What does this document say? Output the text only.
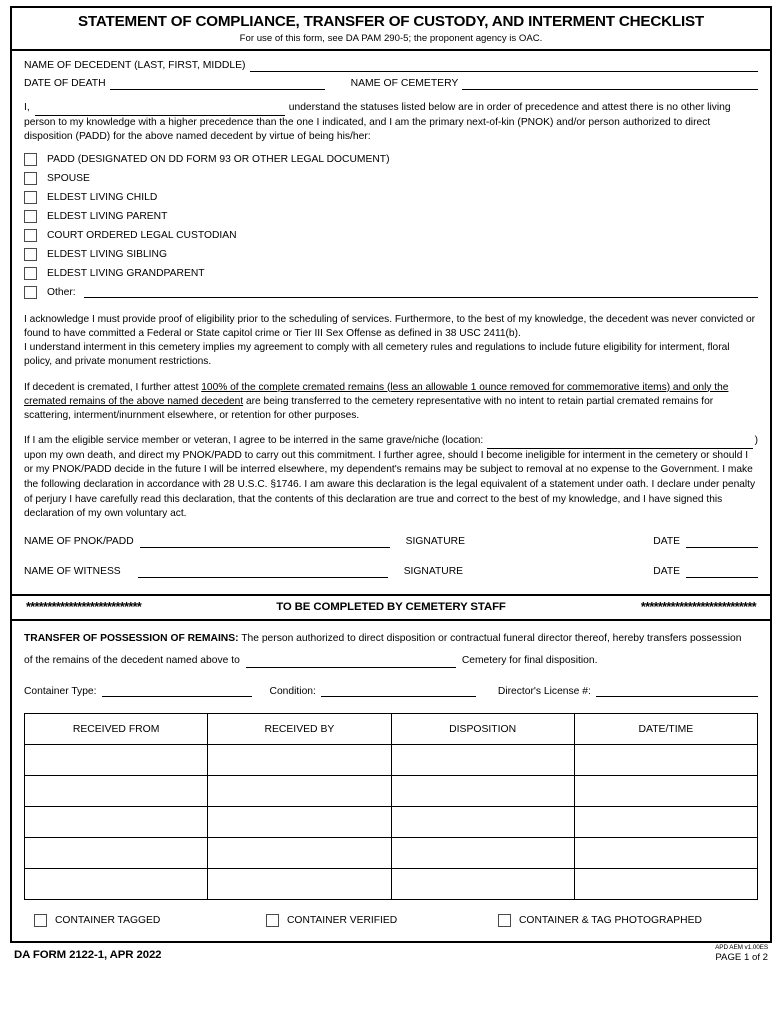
STATEMENT OF COMPLIANCE, TRANSFER OF CUSTODY, AND INTERMENT CHECKLIST
For use of this form, see DA PAM 290-5; the proponent agency is OAC.
NAME OF DECEDENT (LAST, FIRST, MIDDLE)
DATE OF DEATH	NAME OF CEMETERY
I,	understand the statuses listed below are in order of precedence and attest there is no other living
person to my knowledge with a higher precedence than the one I indicated, and I am the primary next-of-kin (PNOK) and/or person authorized to direct disposition (PADD) for the above named decedent by virtue of being his/her:
PADD (DESIGNATED ON DD FORM 93 OR OTHER LEGAL DOCUMENT)
SPOUSE
ELDEST LIVING CHILD
ELDEST LIVING PARENT
COURT ORDERED LEGAL CUSTODIAN
ELDEST LIVING SIBLING
ELDEST LIVING GRANDPARENT
Other:

I acknowledge I must provide proof of eligibility prior to the scheduling of services. Furthermore, to the best of my knowledge, the decedent was never convicted or found to have committed a Federal or State capitol crime or Tier III Sex Offense as defined in 38 USC 2411(b).

I understand interment in this cemetery implies my agreement to comply with all cemetery rules and regulations to include future eligibility for interment, floral policy, and private monument restrictions.

If decedent is cremated, I further attest 100% of the complete cremated remains (less an allowable 1 ounce removed for commemorative items) and only the cremated remains of the above named decedent are being transferred to the cemetery representative with no intent to retain partial cremated remains for scattering, interment/inurnment elsewhere, or retention for other purposes.

If I am the eligible service member or veteran, I agree to be interred in the same grave/niche (location:	)
upon my own death, and direct my PNOK/PADD to carry out this commitment. I further agree, should I become ineligible for interment in the cemetery or should I or my PNOK/PADD decide in the future I will be interred elsewhere, my dependent's remains may be subject to removal at no expense to the Government. I make the following declaration in accordance with 28 U.S.C. §1746. I am aware this declaration is the legal equivalent of a statement under oath. I declare under penalty of perjury I have carefully read this declaration, that the contents of this declaration are true and correct to the best of my knowledge, and I have signed this declaration of my own voluntary act.
NAME OF PNOK/PADD	SIGNATURE	DATE
NAME OF WITNESS	SIGNATURE	DATE
***************************	TO BE COMPLETED BY CEMETERY STAFF	***************************
TRANSFER OF POSSESSION OF REMAINS: The person authorized to direct disposition or contractual funeral director thereof, hereby transfers possession
of the remains of the decedent named above to	Cemetery for final disposition.
Container Type:	Condition:	Director's License #:
RECEIVED FROM	RECEIVED BY	DISPOSITION	DATE/TIME

CONTAINER TAGGED	CONTAINER VERIFIED	CONTAINER & TAG PHOTOGRAPHED
DA FORM 2122-1, APR 2022
APD AEM v1.00ES
PAGE 1 of 2
